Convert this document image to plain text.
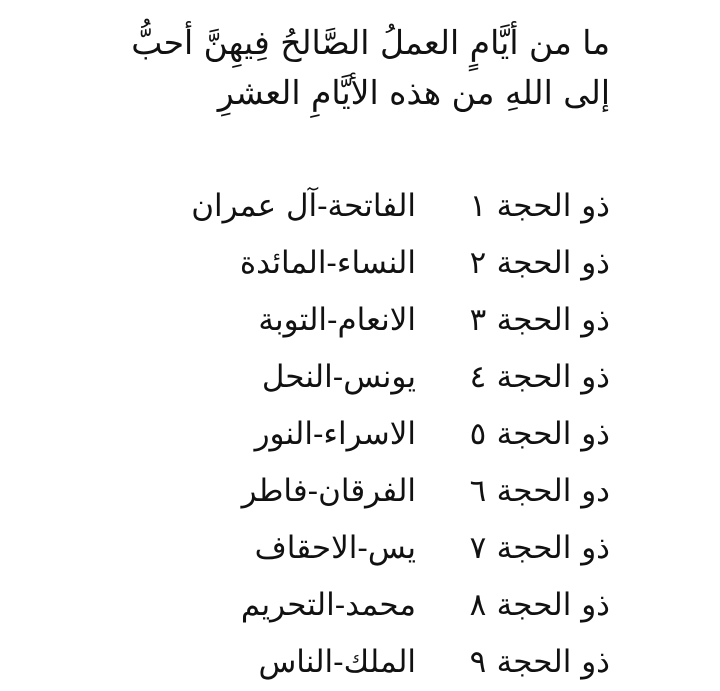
ما من أيَّامٍ العملُ الصَّالحُ فِيهِنَّ أحبُّ
إلى اللهِ من هذه الأيَّامِ العشرِ
ذو الحجة
١
الفاتحة-آل عمران
ذو الحجة
٢
النساء-المائدة
ذو الحجة
٣
الانعام-التوبة
ذو الحجة
٤
يونس-النحل
ذو الحجة
٥
الاسراء-النور
دو الحجة
٦
الفرقان-فاطر
ذو الحجة
٧
يس-الاحقاف
ذو الحجة
٨
محمد-التحريم
ذو الحجة
٩
الملك-الناس
